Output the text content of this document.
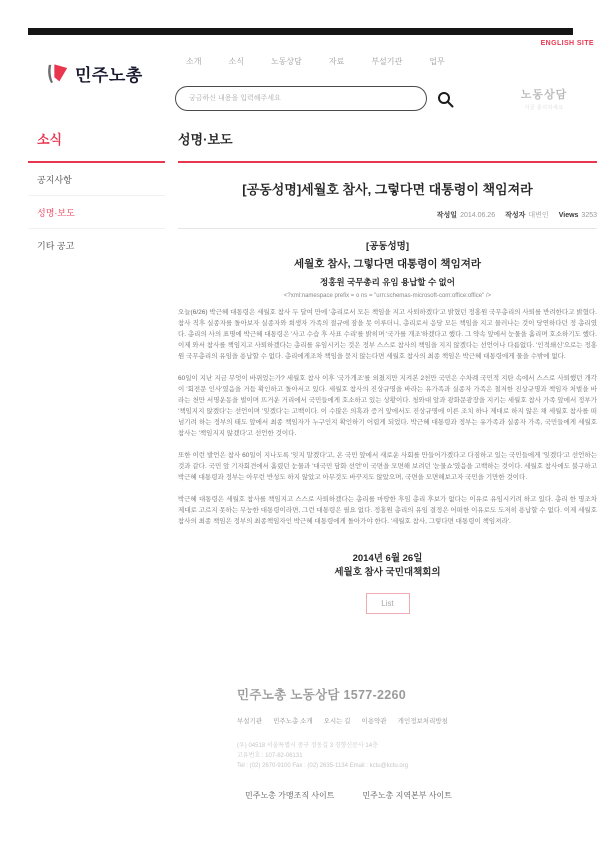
ENGLISH SITE
민주노총
소개	소식	노동상담	자료	부설기관	업무
궁금하신 내용을 입력해주세요
노동상담
지금 문의하세요
소식
공지사항
성명·보도
기타 공고
성명·보도
[공동성명]세월호 참사, 그렇다면 대통령이 책임져라
작성일 2014.06.26 작성자 대변인 Views 3253
[공동성명]
세월호 참사, 그렇다면 대통령이 책임져라
정홍원 국무총리 유임 용납할 수 없어
<?xml:namespace prefix = o ns = "urn:schemas-microsoft-com:office:office" />

오늘(6/26) 박근혜 대통령은 세월호 참사 두 달여 만에 '총리로서 모든 책임을 지고 사퇴하겠다'고 밝혔던 정홍원 국무총리의 사퇴를 반려한다고 밝혔다. 참사 직후 실종자를 돌아보자 실종자와 희생자 가족의 절규에 잠을 못 이루더니, 총리로서 응당 모든 책임을 지고 물러나는 것이 당연하다던 정 총리였다. 총리의 사의 표명에 박근혜 대통령은 '사고 수습 후 사표 수리'를 밝히며 '국가를 개조'하겠다고 했다. 그 약속 앞에서 눈물을 흘리며 호소하기도 했다. 이제 와서 참사를 책임지고 사퇴하겠다는 총리를 유임시키는 것은 정부 스스로 참사의 책임을 지지 않겠다는 선언이나 다름없다. '인적쇄신'으로는 정홍원 국무총리의 유임을 용납할 수 없다. 총리에게조차 책임을 묻지 않는다면 세월호 참사의 최종 책임은 박근혜 대통령에게 물을 수밖에 없다.

60일이 지난 지금 무엇이 바뀌었는가? 세월호 참사 이후 '국가개조'를 외쳤지만 지켜본 2천만 국민은 수차례 국민적 지탄 속에서 스스로 사퇴했던 개각이 '회전문 인사'였음을 거듭 확인하고 돌아서고 있다. 세월호 참사의 진상규명을 바라는 유가족과 실종자 가족은 철저한 진상규명과 책임자 처벌을 바라는 천만 서명운동을 벌이며 뜨거운 거리에서 국민들에게 호소하고 있는 상황이다. 청와대 앞과 광화문광장을 지키는 세월호 참사 가족 앞에서 정부가 '책임지지 않겠다'는 선언이며 '잊겠다'는 고백이다. 이 수많은 의혹과 증거 앞에서도 진상규명에 이른 조치 하나 제대로 하지 않은 채 세월호 참사를 떠넘기려 하는 정부의 태도 앞에서 최종 책임자가 누구인지 확인하기 어렵게 되었다. 박근혜 대통령과 정부는 유가족과 실종자 가족, 국민들에게 세월호 참사는 '책임지지 않겠다'고 선언한 것이다.

또한 이런 발언은 참사 60일이 지나도록 '잊지 말겠다'고, 온 국민 앞에서 새로운 사회를 만들어가겠다고 다짐하고 있는 국민들에게 '잊겠다'고 선언하는 것과 같다. 국민 앞 기자회견에서 흘렸던 눈물과 '대국민 담화 선언'이 국면을 모면해 보려던 '눈물쇼'였음을 고백하는 것이다. 세월호 참사에도 불구하고 박근혜 대통령과 정부는 아무런 반성도 하지 않았고 아무것도 바꾸지도 않았으며, 국면을 모면해보고자 국민을 기만한 것이다.

박근혜 대통령은 세월호 참사를 책임지고 스스로 사퇴하겠다는 총리를 마땅한 후임 총리 후보가 없다는 이유로 유임시키려 하고 있다. 총리 한 명조차 제대로 고르지 못하는 무능한 대통령이라면, 그런 대통령은 필요 없다. 정홍원 총리의 유임 결정은 어떠한 이유로도 도저히 용납할 수 없다. 이제 세월호 참사의 최종 책임은 정부의 최종책임자인 박근혜 대통령에게 돌아가야 한다. '세월호 참사, 그렇다면 대통령이 책임져라'.

2014년 6월 26일
세월호 참사 국민대책회의
List
민주노총 노동상담 1577-2260
부설기관 민주노총 소개 오시는 길 이용약관 개인정보처리방침
(우) 04518 서울특별시 중구 정동길 3 경향신문사 14층
고유번호 : 107-82-06131
Tel : (02) 2670-9100 Fax : (02) 2635-1134 Email : kctu@kctu.org
민주노총 가맹조직 사이트	민주노총 지역본부 사이트
